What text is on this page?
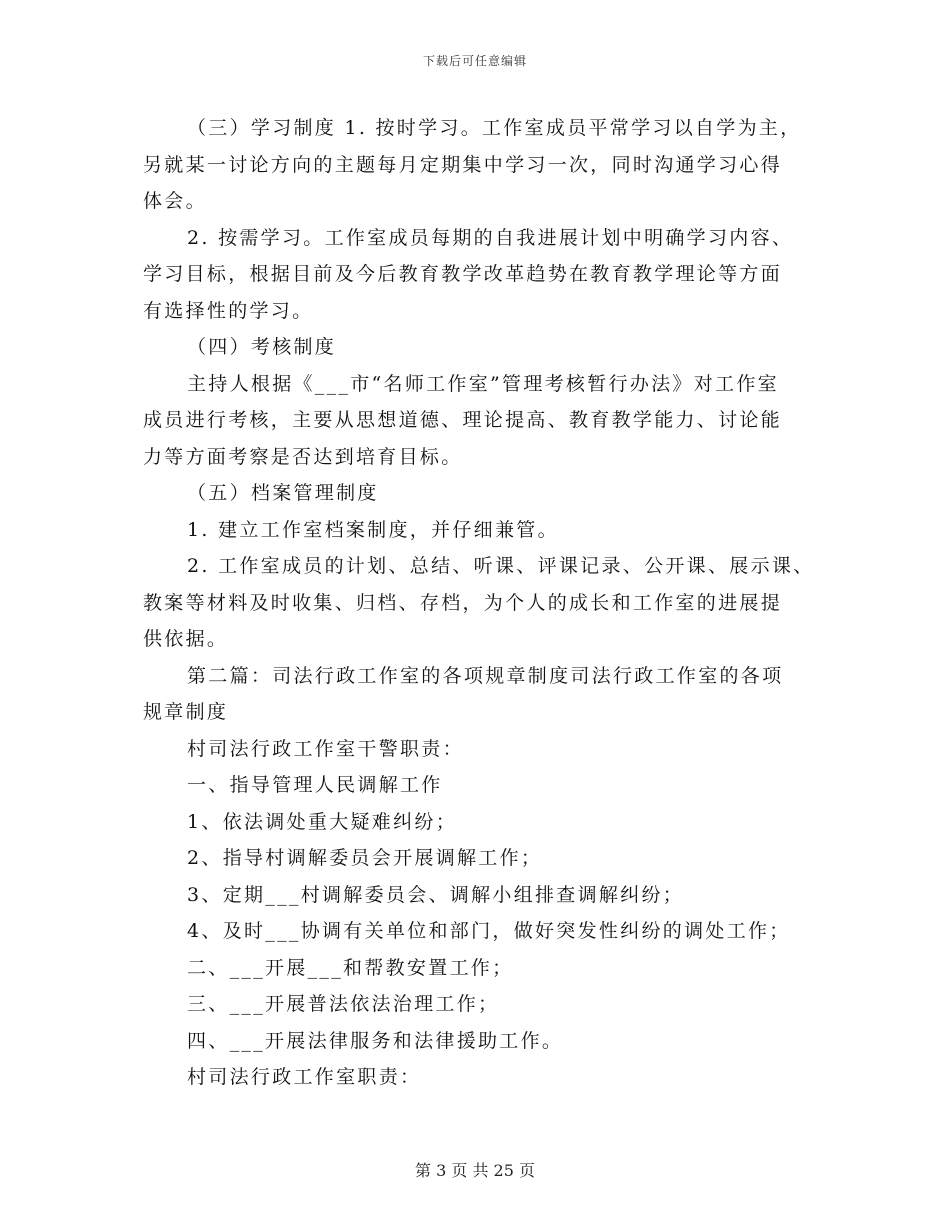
下载后可任意编辑
（三）学习制度 1. 按时学习。工作室成员平常学习以自学为主，
另就某一讨论方向的主题每月定期集中学习一次，同时沟通学习心得
体会。
2. 按需学习。工作室成员每期的自我进展计划中明确学习内容、
学习目标，根据目前及今后教育教学改革趋势在教育教学理论等方面
有选择性的学习。
（四）考核制度
主持人根据《___市“名师工作室”管理考核暂行办法》对工作室
成员进行考核，主要从思想道德、理论提高、教育教学能力、讨论能
力等方面考察是否达到培育目标。
（五）档案管理制度
1. 建立工作室档案制度，并仔细兼管。
2. 工作室成员的计划、总结、听课、评课记录、公开课、展示课、
教案等材料及时收集、归档、存档，为个人的成长和工作室的进展提
供依据。
第二篇：司法行政工作室的各项规章制度司法行政工作室的各项
规章制度
村司法行政工作室干警职责：
一、指导管理人民调解工作
1、依法调处重大疑难纠纷；
2、指导村调解委员会开展调解工作；
3、定期___村调解委员会、调解小组排查调解纠纷；
4、及时___协调有关单位和部门，做好突发性纠纷的调处工作；
二、___开展___和帮教安置工作；
三、___开展普法依法治理工作；
四、___开展法律服务和法律援助工作。
村司法行政工作室职责：
第 3 页 共 25 页
